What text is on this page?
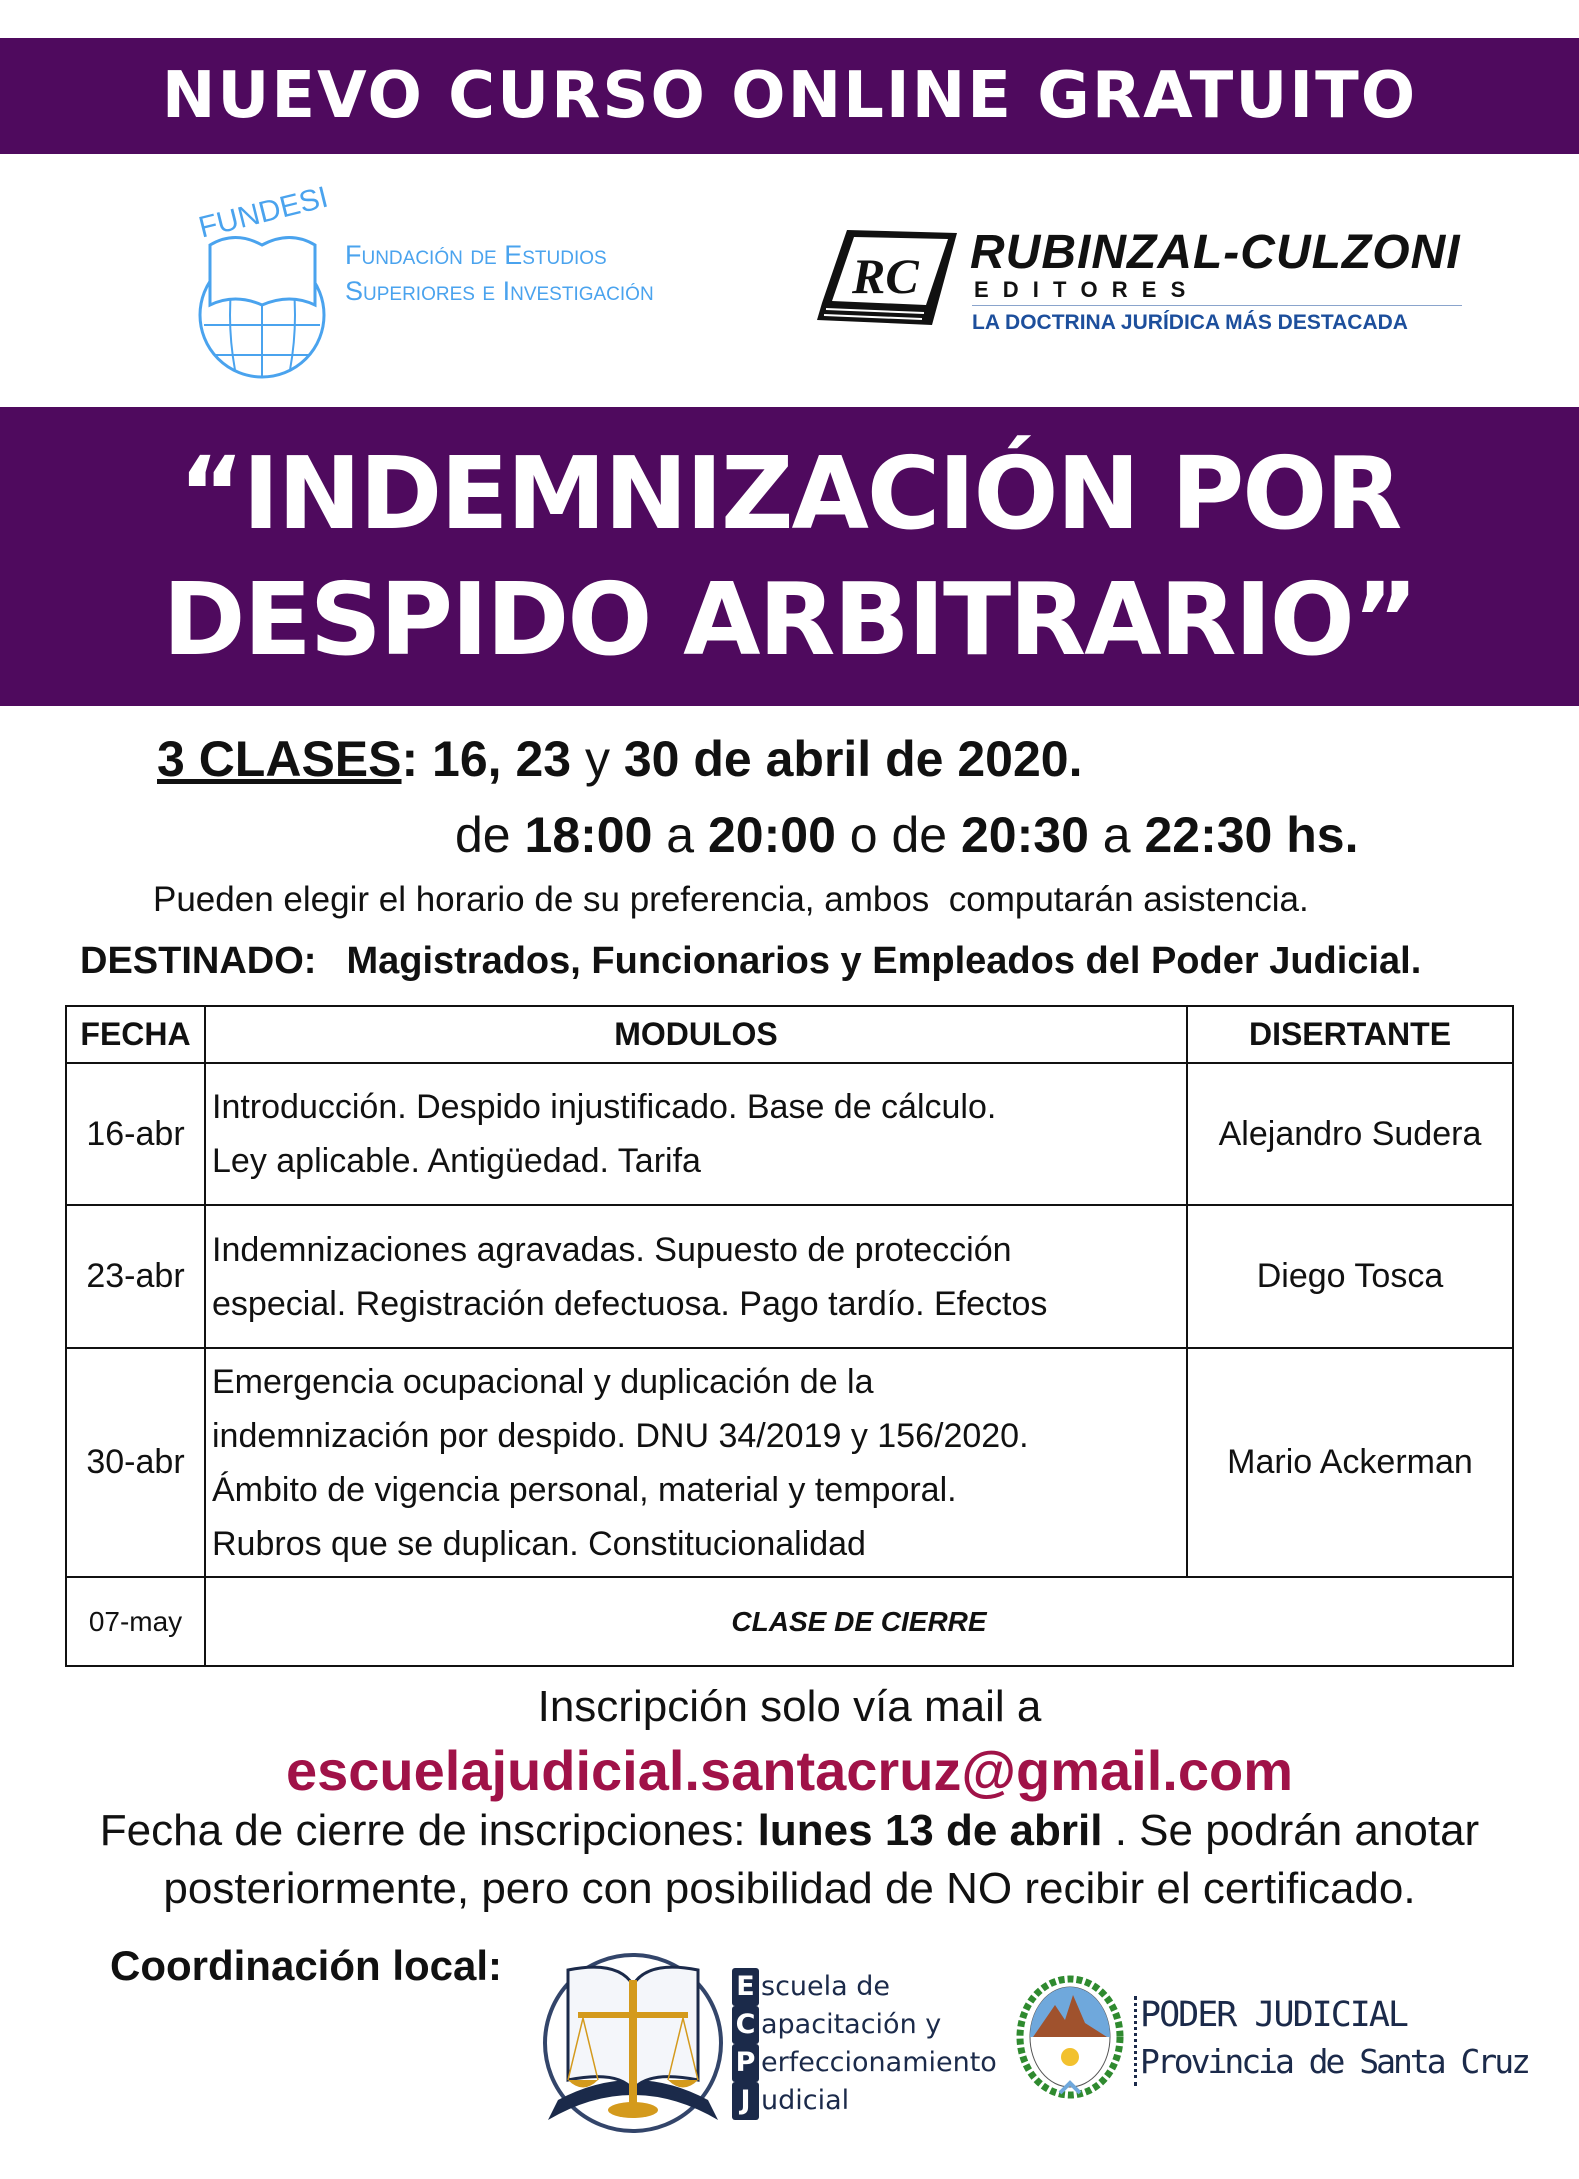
NUEVO CURSO ONLINE GRATUITO
FUNDESI
Fundación de Estudios
Superiores e Investigación	RC RUBINZAL-CULZONI
E D I T O R E S
LA DOCTRINA JURÍDICA MÁS DESTACADA
“INDEMNIZACIÓN POR
DESPIDO ARBITRARIO”
3 CLASES: 16, 23 y 30 de abril de 2020.
de 18:00 a 20:00 o de 20:30 a 22:30 hs.
Pueden elegir el horario de su preferencia, ambos  computarán asistencia.
DESTINADO: Magistrados, Funcionarios y Empleados del Poder Judicial.
FECHA	MODULOS	DISERTANTE
16-abr	Introducción. Despido injustificado. Base de cálculo.
Ley aplicable. Antigüedad. Tarifa	Alejandro Sudera
23-abr	Indemnizaciones agravadas. Supuesto de protección
especial. Registración defectuosa. Pago tardío. Efectos	Diego Tosca
30-abr	Emergencia ocupacional y duplicación de la
indemnización por despido. DNU 34/2019 y 156/2020.
Ámbito de vigencia personal, material y temporal.
Rubros que se duplican. Constitucionalidad	Mario Ackerman
07-may	CLASE DE CIERRE	
Inscripción solo vía mail a
escuelajudicial.santacruz@gmail.com
Fecha de cierre de inscripciones: lunes 13 de abril . Se podrán anotar
posteriormente, pero con posibilidad de NO recibir el certificado.
Coordinación local:	E scuela de
C apacitación y
P erfeccionamiento
J udicial
PODER JUDICIAL
Provincia de Santa Cruz
